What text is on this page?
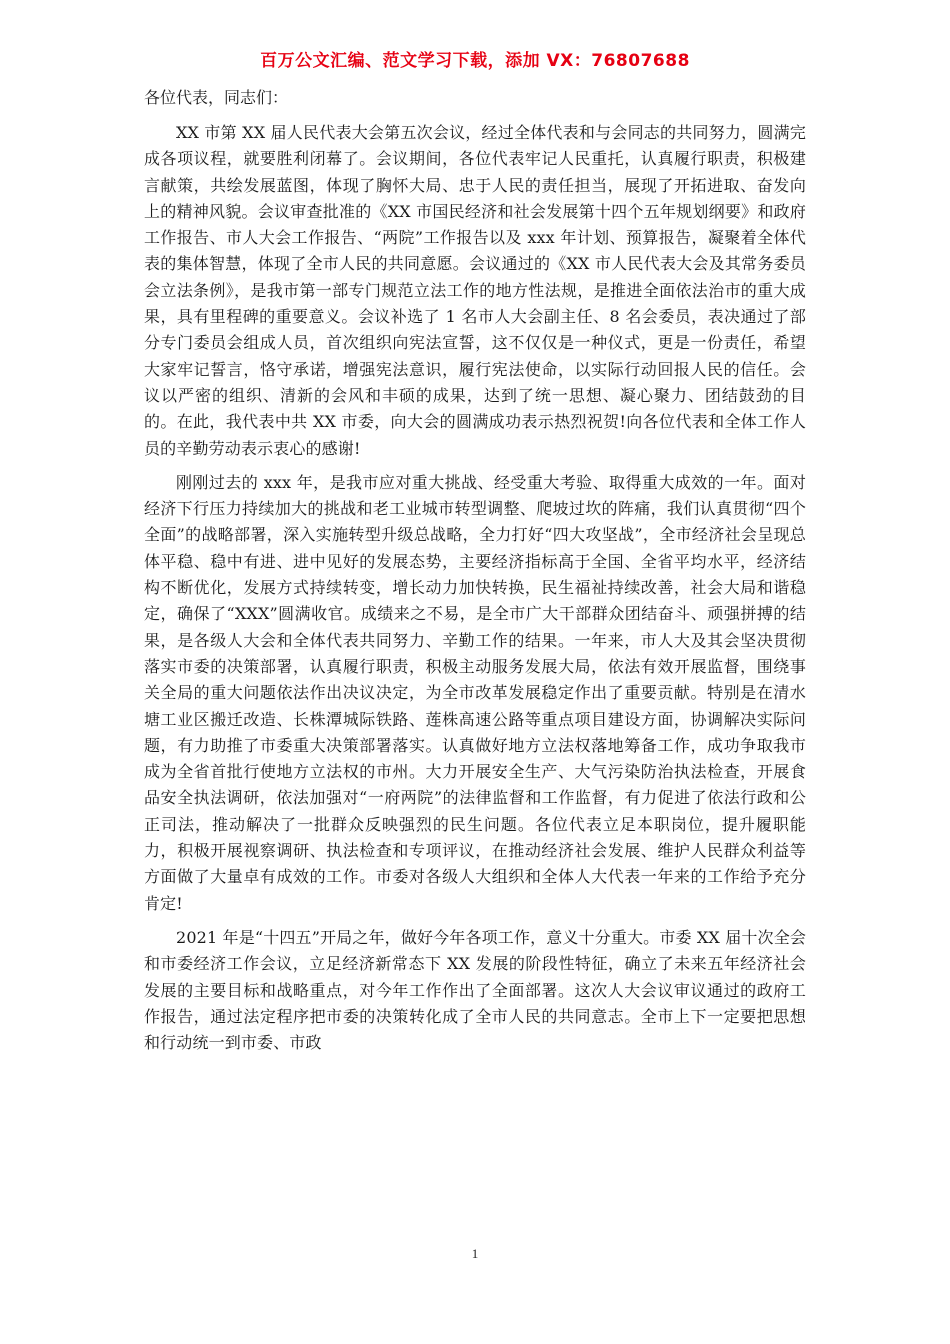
百万公文汇编、范文学习下载，添加 VX：76807688

各位代表，同志们：

XX 市第 XX 届人民代表大会第五次会议，经过全体代表和与会同志的共同努力，圆满完成各项议程，就要胜利闭幕了。会议期间，各位代表牢记人民重托，认真履行职责，积极建言献策，共绘发展蓝图，体现了胸怀大局、忠于人民的责任担当，展现了开拓进取、奋发向上的精神风貌。会议审查批准的《XX 市国民经济和社会发展第十四个五年规划纲要》和政府工作报告、市人大会工作报告、“两院”工作报告以及 xxx 年计划、预算报告，凝聚着全体代表的集体智慧，体现了全市人民的共同意愿。会议通过的《XX 市人民代表大会及其常务委员会立法条例》，是我市第一部专门规范立法工作的地方性法规，是推进全面依法治市的重大成果，具有里程碑的重要意义。会议补选了 1 名市人大会副主任、8 名会委员，表决通过了部分专门委员会组成人员，首次组织向宪法宣誓，这不仅仅是一种仪式，更是一份责任，希望大家牢记誓言，恪守承诺，增强宪法意识，履行宪法使命，以实际行动回报人民的信任。会议以严密的组织、清新的会风和丰硕的成果，达到了统一思想、凝心聚力、团结鼓劲的目的。在此，我代表中共 XX 市委，向大会的圆满成功表示热烈祝贺!向各位代表和全体工作人员的辛勤劳动表示衷心的感谢!

刚刚过去的 xxx 年，是我市应对重大挑战、经受重大考验、取得重大成效的一年。面对经济下行压力持续加大的挑战和老工业城市转型调整、爬坡过坎的阵痛，我们认真贯彻“四个全面”的战略部署，深入实施转型升级总战略，全力打好“四大攻坚战”，全市经济社会呈现总体平稳、稳中有进、进中见好的发展态势，主要经济指标高于全国、全省平均水平，经济结构不断优化，发展方式持续转变，增长动力加快转换，民生福祉持续改善，社会大局和谐稳定，确保了“XXX”圆满收官。成绩来之不易，是全市广大干部群众团结奋斗、顽强拼搏的结果，是各级人大会和全体代表共同努力、辛勤工作的结果。一年来，市人大及其会坚决贯彻落实市委的决策部署，认真履行职责，积极主动服务发展大局，依法有效开展监督，围绕事关全局的重大问题依法作出决议决定，为全市改革发展稳定作出了重要贡献。特别是在清水塘工业区搬迁改造、长株潭城际铁路、莲株高速公路等重点项目建设方面，协调解决实际问题，有力助推了市委重大决策部署落实。认真做好地方立法权落地筹备工作，成功争取我市成为全省首批行使地方立法权的市州。大力开展安全生产、大气污染防治执法检查，开展食品安全执法调研，依法加强对“一府两院”的法律监督和工作监督，有力促进了依法行政和公正司法，推动解决了一批群众反映强烈的民生问题。各位代表立足本职岗位，提升履职能力，积极开展视察调研、执法检查和专项评议，在推动经济社会发展、维护人民群众利益等方面做了大量卓有成效的工作。市委对各级人大组织和全体人大代表一年来的工作给予充分肯定!

2021 年是“十四五”开局之年，做好今年各项工作，意义十分重大。市委 XX 届十次全会和市委经济工作会议，立足经济新常态下 XX 发展的阶段性特征，确立了未来五年经济社会发展的主要目标和战略重点，对今年工作作出了全面部署。这次人大会议审议通过的政府工作报告，通过法定程序把市委的决策转化成了全市人民的共同意志。全市上下一定要把思想和行动统一到市委、市政

1
